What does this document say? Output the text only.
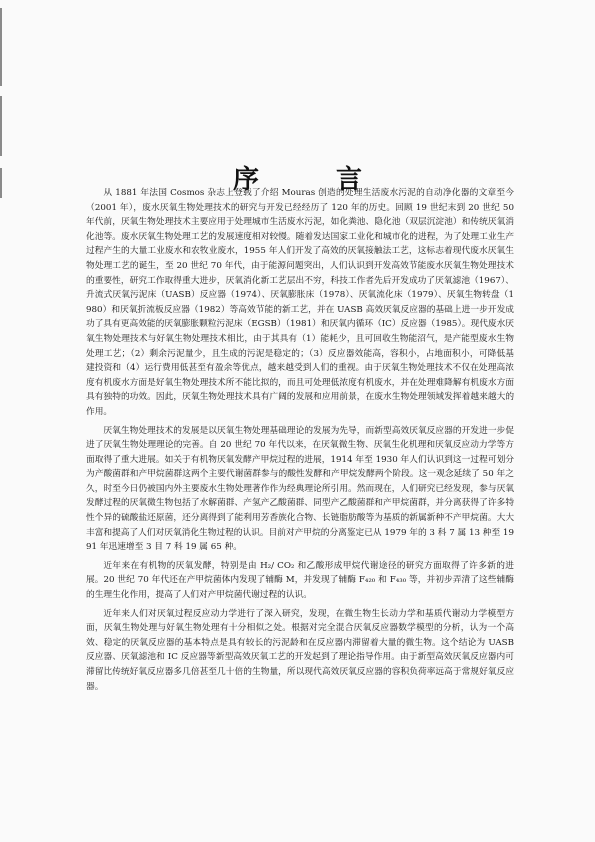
序 言

从 1881 年法国 Cosmos 杂志上登载了介绍 Mouras 创造的处理生活废水污泥的自动净化器的文章至今（2001 年），废水厌氧生物处理技术的研究与开发已经经历了 120 年的历史。回顾 19 世纪末到 20 世纪 50 年代前，厌氧生物处理技术主要应用于处理城市生活废水污泥，如化粪池、隐化池（双层沉淀池）和传统厌氧消化池等。废水厌氧生物处理工艺的发展速度相对较慢。随着发达国家工业化和城市化的进程，为了处理工业生产过程产生的大量工业废水和农牧业废水，1955 年人们开发了高效的厌氧接触法工艺，这标志着现代废水厌氧生物处理工艺的诞生，至 20 世纪 70 年代，由于能源问题突出，人们认识到开发高效节能废水厌氧生物处理技术的重要性，研究工作取得重大进步，厌氧消化新工艺层出不穷，科技工作者先后开发成功了厌氧滤池（1967）、升流式厌氧污泥床（UASB）反应器（1974）、厌氧膨胀床（1978）、厌氧流化床（1979）、厌氧生物转盘（1980）和厌氧折流板反应器（1982）等高效节能的新工艺，并在 UASB 高效厌氧反应器的基础上进一步开发成功了具有更高效能的厌氧膨胀颗粒污泥床（EGSB）（1981）和厌氧内循环（IC）反应器（1985）。现代废水厌氧生物处理技术与好氧生物处理技术相比，由于其具有（1）能耗少，且可回收生物能沼气，是产能型废水生物处理工艺；（2）剩余污泥量少，且生成的污泥是稳定的；（3）反应器效能高，容积小，占地面积小，可降低基建投资和（4）运行费用低甚至有盈余等优点，越来越受到人们的重视。由于厌氧生物处理技术不仅在处理高浓度有机废水方面是好氧生物处理技术所不能比拟的，而且可处理低浓度有机废水，并在处理难降解有机废水方面具有独特的功效。因此，厌氧生物处理技术具有广阔的发展和应用前景，在废水生物处理领域发挥着越来越大的作用。

厌氧生物处理技术的发展是以厌氧生物处理基础理论的发展为先导，而新型高效厌氧反应器的开发进一步促进了厌氧生物处理理论的完善。自 20 世纪 70 年代以来，在厌氧微生物、厌氧生化机理和厌氧反应动力学等方面取得了重大进展。如关于有机物厌氧发酵产甲烷过程的进展，1914 年至 1930 年人们认识到这一过程可划分为产酸菌群和产甲烷菌群这两个主要代谢菌群参与的酸性发酵和产甲烷发酵两个阶段。这一观念延续了 50 年之久，时至今日仍被国内外主要废水生物处理著作作为经典理论所引用。然而现在，人们研究已经发现，参与厌氧发酵过程的厌氧微生物包括了水解菌群、产氢产乙酸菌群、同型产乙酸菌群和产甲烷菌群，并分离获得了许多特性个异的硫酸盐还原菌，还分离得到了能利用芳香族化合物、长链脂肪酸等为基质的新属新种不产甲烷菌。大大丰富和提高了人们对厌氧消化生物过程的认识。目前对产甲烷的分离鉴定已从 1979 年的 3 科 7 属 13 种至 1991 年迅速增至 3 目 7 科 19 属 65 种。

近年来在有机物的厌氧发酵，特别是由 H₂/ CO₂ 和乙酸形成甲烷代谢途径的研究方面取得了许多新的进展。20 世纪 70 年代还在产甲烷菌体内发现了辅酶 M，并发现了辅酶 F₄₂₀ 和 F₄₃₀ 等，并初步弄清了这些辅酶的生理生化作用，提高了人们对产甲烷菌代谢过程的认识。

近年来人们对厌氧过程反应动力学进行了深入研究，发现，在微生物生长动力学和基质代谢动力学模型方面，厌氧生物处理与好氧生物处理有十分相似之处。根据对完全混合厌氧反应器数学模型的分析，认为一个高效、稳定的厌氧反应器的基本特点是具有较长的污泥龄和在反应器内滞留着大量的微生物。这个结论为 UASB 反应器、厌氧滤池和 IC 反应器等新型高效厌氧工艺的开发起到了理论指导作用。由于新型高效厌氧反应器内可滞留比传统好氧反应器多几倍甚至几十倍的生物量，所以现代高效厌氧反应器的容积负荷率远高于常规好氧反应器。
